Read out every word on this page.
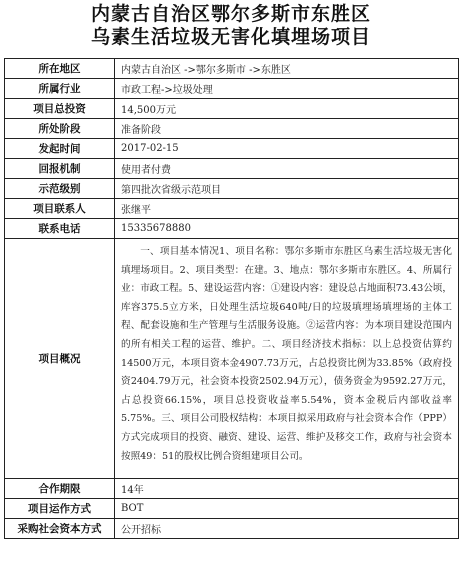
内蒙古自治区鄂尔多斯市东胜区
乌素生活垃圾无害化填埋场项目
所在地区	内蒙古自治区 ->鄂尔多斯市 ->东胜区
所属行业	市政工程->垃圾处理
项目总投资	14,500万元
所处阶段	准备阶段
发起时间	2017-02-15
回报机制	使用者付费
示范级别	第四批次省级示范项目
项目联系人	张继平
联系电话	15335678880
项目概况	一、项目基本情况1、项目名称：鄂尔多斯市东胜区乌素生活垃圾无害化填埋场项目。2、项目类型：在建。3、地点：鄂尔多斯市东胜区。4、所属行业：市政工程。5、建设运营内容：①建设内容：建设总占地面积73.43公顷，库容375.5立方米，日处理生活垃圾640吨/日的垃圾填埋场填埋场的主体工程、配套设施和生产管理与生活服务设施。②运营内容：为本项目建设范围内的所有相关工程的运营、维护。二、项目经济技术指标：以上总投资估算约14500万元，本项目资本金4907.73万元，占总投资比例为33.85%（政府投资2404.79万元，社会资本投资2502.94万元），债务资金为9592.27万元，占总投资66.15%，项目总投资收益率5.54%，资本金税后内部收益率5.75%。三、项目公司股权结构：本项目拟采用政府与社会资本合作（PPP）方式完成项目的投资、融资、建设、运营、维护及移交工作，政府与社会资本按照49：51的股权比例合资组建项目公司。
合作期限	14年
项目运作方式	BOT
采购社会资本方式	公开招标
